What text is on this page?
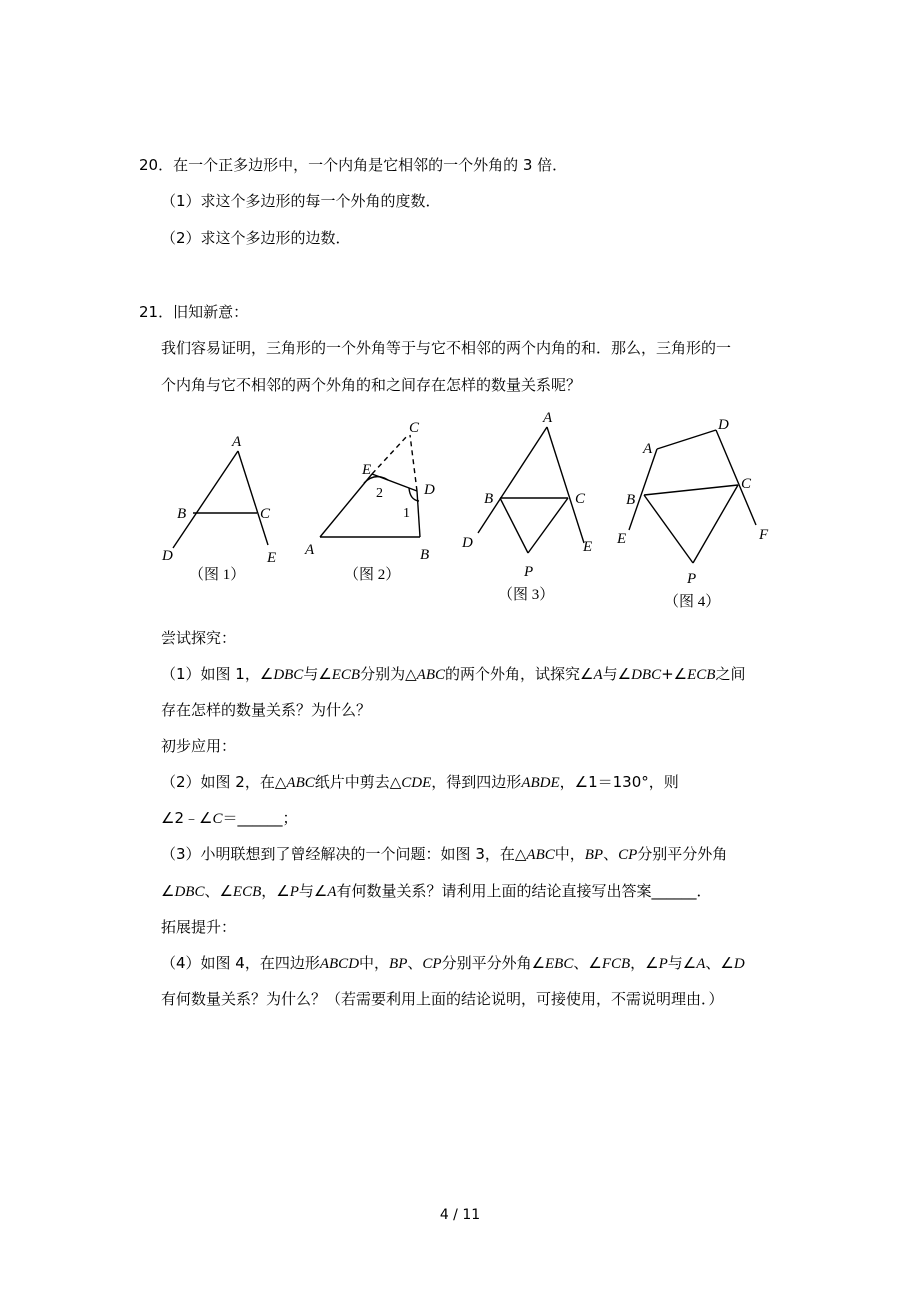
20．在一个正多边形中，一个内角是它相邻的一个外角的 3 倍．
（1）求这个多边形的每一个外角的度数．
（2）求这个多边形的边数．
21．旧知新意：
我们容易证明，三角形的一个外角等于与它不相邻的两个内角的和．那么，三角形的一
个内角与它不相邻的两个外角的和之间存在怎样的数量关系呢？
A
B	C
D	E
（图 1）
C
E
D
2
1
A	B
（图 2）
A
B	C
D	E
P
（图 3）
D
A
B
C
E	F
P
（图 4）
尝试探究：
（1）如图 1，∠DBC与∠ECB分别为△ABC的两个外角，试探究∠A与∠DBC+∠ECB之间
存在怎样的数量关系？为什么？
初步应用：
（2）如图 2，在△ABC纸片中剪去△CDE，得到四边形ABDE，∠1＝130°，则
∠2﹣∠C＝______；
（3）小明联想到了曾经解决的一个问题：如图 3，在△ABC中，BP、CP分别平分外角
∠DBC、∠ECB，∠P与∠A有何数量关系？请利用上面的结论直接写出答案______．
拓展提升：
（4）如图 4，在四边形ABCD中，BP、CP分别平分外角∠EBC、∠FCB，∠P与∠A、∠D
有何数量关系？为什么？（若需要利用上面的结论说明，可接使用，不需说明理由．）
4 / 11
